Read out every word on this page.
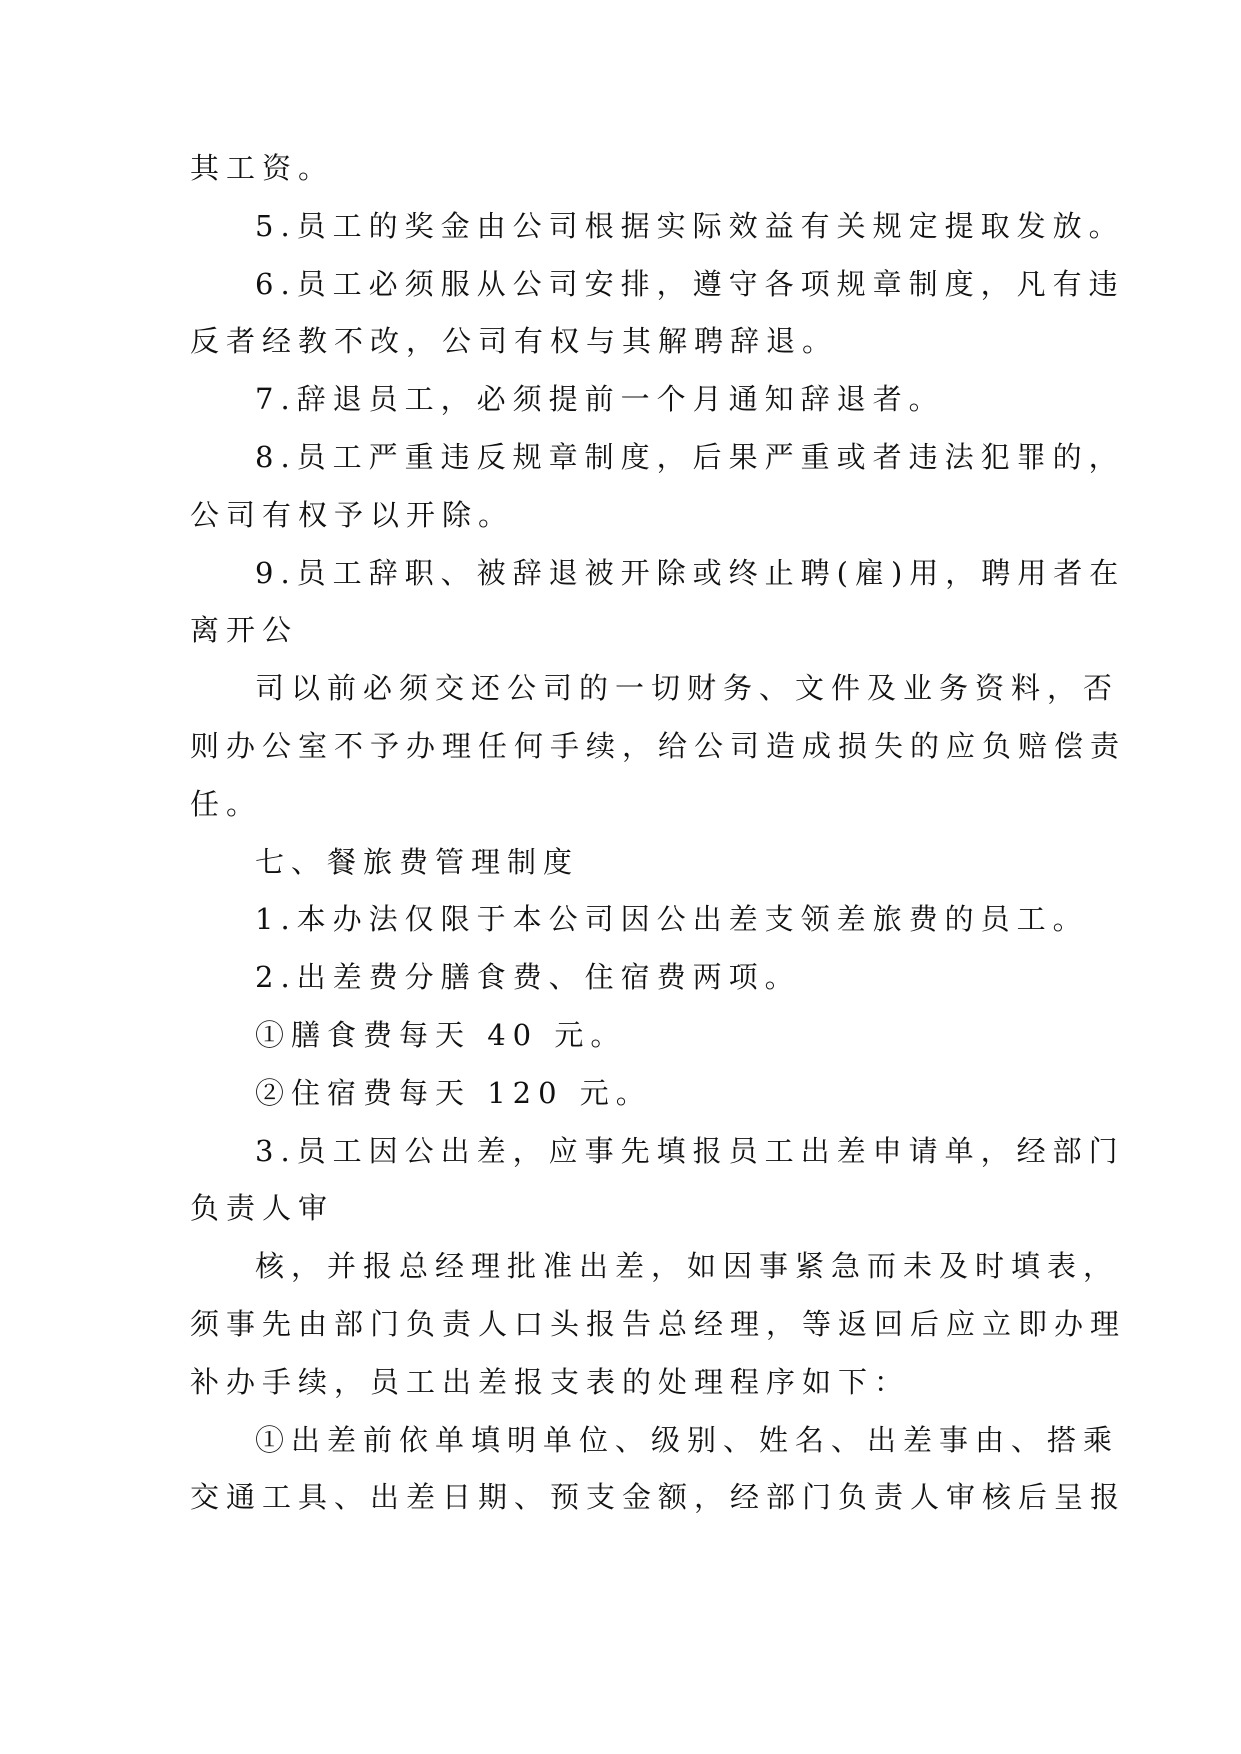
其工资。
5.员工的奖金由公司根据实际效益有关规定提取发放。
6.员工必须服从公司安排，遵守各项规章制度，凡有违
反者经教不改，公司有权与其解聘辞退。
7.辞退员工，必须提前一个月通知辞退者。
8.员工严重违反规章制度，后果严重或者违法犯罪的，
公司有权予以开除。
9.员工辞职、被辞退被开除或终止聘(雇)用，聘用者在
离开公
司以前必须交还公司的一切财务、文件及业务资料，否
则办公室不予办理任何手续，给公司造成损失的应负赔偿责
任。
七、餐旅费管理制度
1.本办法仅限于本公司因公出差支领差旅费的员工。
2.出差费分膳食费、住宿费两项。
①膳食费每天 40 元。
②住宿费每天 120 元。
3.员工因公出差，应事先填报员工出差申请单，经部门
负责人审
核，并报总经理批准出差，如因事紧急而未及时填表，
须事先由部门负责人口头报告总经理，等返回后应立即办理
补办手续，员工出差报支表的处理程序如下：
①出差前依单填明单位、级别、姓名、出差事由、搭乘
交通工具、出差日期、预支金额，经部门负责人审核后呈报
